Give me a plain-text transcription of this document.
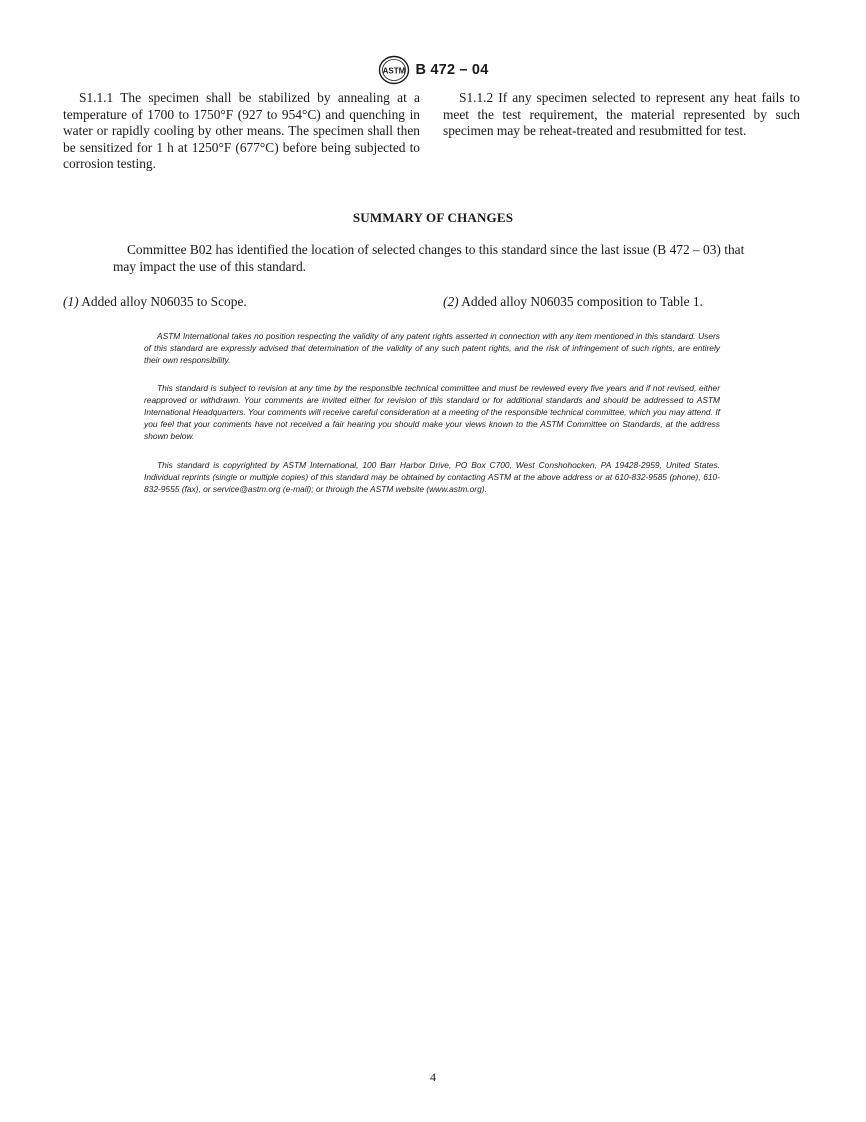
ASTM B 472 – 04

S1.1.1 The specimen shall be stabilized by annealing at a temperature of 1700 to 1750°F (927 to 954°C) and quenching in water or rapidly cooling by other means. The specimen shall then be sensitized for 1 h at 1250°F (677°C) before being subjected to corrosion testing.

S1.1.2 If any specimen selected to represent any heat fails to meet the test requirement, the material represented by such specimen may be reheat-treated and resubmitted for test.

SUMMARY OF CHANGES

Committee B02 has identified the location of selected changes to this standard since the last issue (B 472 – 03) that may impact the use of this standard.

(1) Added alloy N06035 to Scope.	(2) Added alloy N06035 composition to Table 1.

ASTM International takes no position respecting the validity of any patent rights asserted in connection with any item mentioned in this standard. Users of this standard are expressly advised that determination of the validity of any such patent rights, and the risk of infringement of such rights, are entirely their own responsibility.

This standard is subject to revision at any time by the responsible technical committee and must be reviewed every five years and if not revised, either reapproved or withdrawn. Your comments are invited either for revision of this standard or for additional standards and should be addressed to ASTM International Headquarters. Your comments will receive careful consideration at a meeting of the responsible technical committee, which you may attend. If you feel that your comments have not received a fair hearing you should make your views known to the ASTM Committee on Standards, at the address shown below.

This standard is copyrighted by ASTM International, 100 Barr Harbor Drive, PO Box C700, West Conshohocken, PA 19428-2959, United States. Individual reprints (single or multiple copies) of this standard may be obtained by contacting ASTM at the above address or at 610-832-9585 (phone), 610-832-9555 (fax), or service@astm.org (e-mail); or through the ASTM website (www.astm.org).

4
